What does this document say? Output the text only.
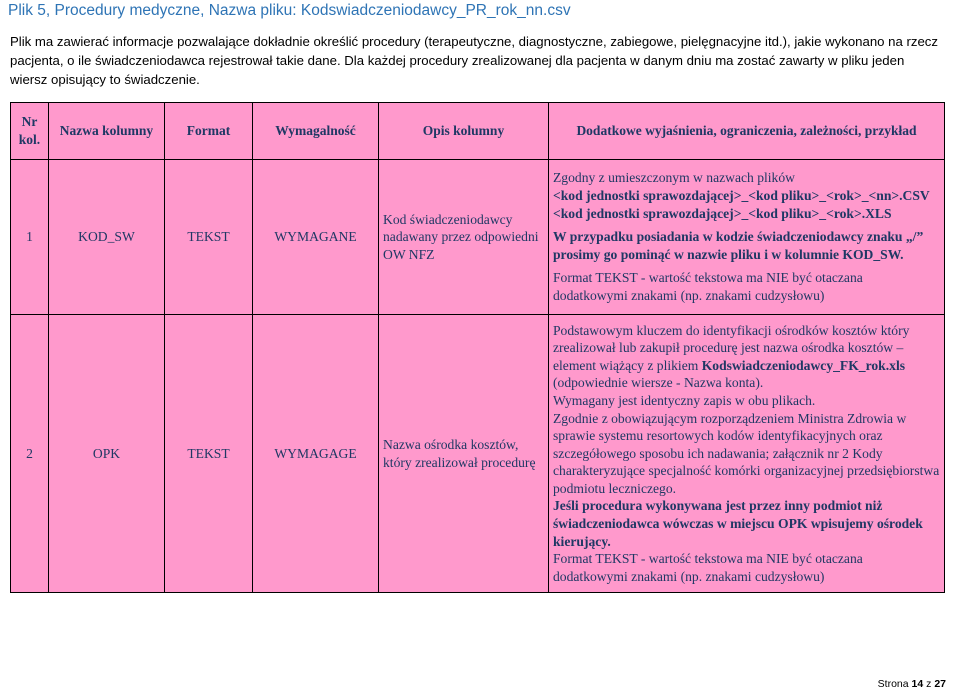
Plik 5, Procedury medyczne, Nazwa pliku: Kodswiadczeniodawcy_PR_rok_nn.csv
Plik ma zawierać informacje pozwalające dokładnie określić procedury (terapeutyczne, diagnostyczne, zabiegowe, pielęgnacyjne itd.), jakie wykonano na rzecz pacjenta, o ile świadczeniodawca rejestrował takie dane. Dla każdej procedury zrealizowanej dla pacjenta w danym dniu ma zostać zawarty w pliku jeden wiersz opisujący to świadczenie.
Nr kol.	Nazwa kolumny	Format	Wymagalność	Opis kolumny	Dodatkowe wyjaśnienia, ograniczenia, zależności, przykład
1	KOD_SW	TEKST	WYMAGANE	Kod świadczeniodawcy nadawany przez odpowiedni OW NFZ	Zgodny z umieszczonym w nazwach plików
<kod jednostki sprawozdającej>_<kod pliku>_<rok>_<nn>.CSV
<kod jednostki sprawozdającej>_<kod pliku>_<rok>.XLS
W przypadku posiadania w kodzie świadczeniodawcy znaku „/” prosimy go pominąć w nazwie pliku i w kolumnie KOD_SW.
Format TEKST - wartość tekstowa ma NIE być otaczana dodatkowymi znakami (np. znakami cudzysłowu)

2	OPK	TEKST	WYMAGAGE	Nazwa ośrodka kosztów, który zrealizował procedurę	Podstawowym kluczem do identyfikacji ośrodków kosztów który zrealizował lub zakupił procedurę jest nazwa ośrodka kosztów – element wiążący z plikiem Kodswiadczeniodawcy_FK_rok.xls (odpowiednie wiersze - Nazwa konta).
Wymagany jest identyczny zapis w obu plikach.
Zgodnie z obowiązującym rozporządzeniem Ministra Zdrowia w sprawie systemu resortowych kodów identyfikacyjnych oraz szczegółowego sposobu ich nadawania; załącznik nr 2 Kody charakteryzujące specjalność komórki organizacyjnej przedsiębiorstwa podmiotu leczniczego.
Jeśli procedura wykonywana jest przez inny podmiot niż świadczeniodawca wówczas w miejscu OPK wpisujemy ośrodek kierujący.
Format TEKST - wartość tekstowa ma NIE być otaczana dodatkowymi znakami (np. znakami cudzysłowu)
Strona 14 z 27
